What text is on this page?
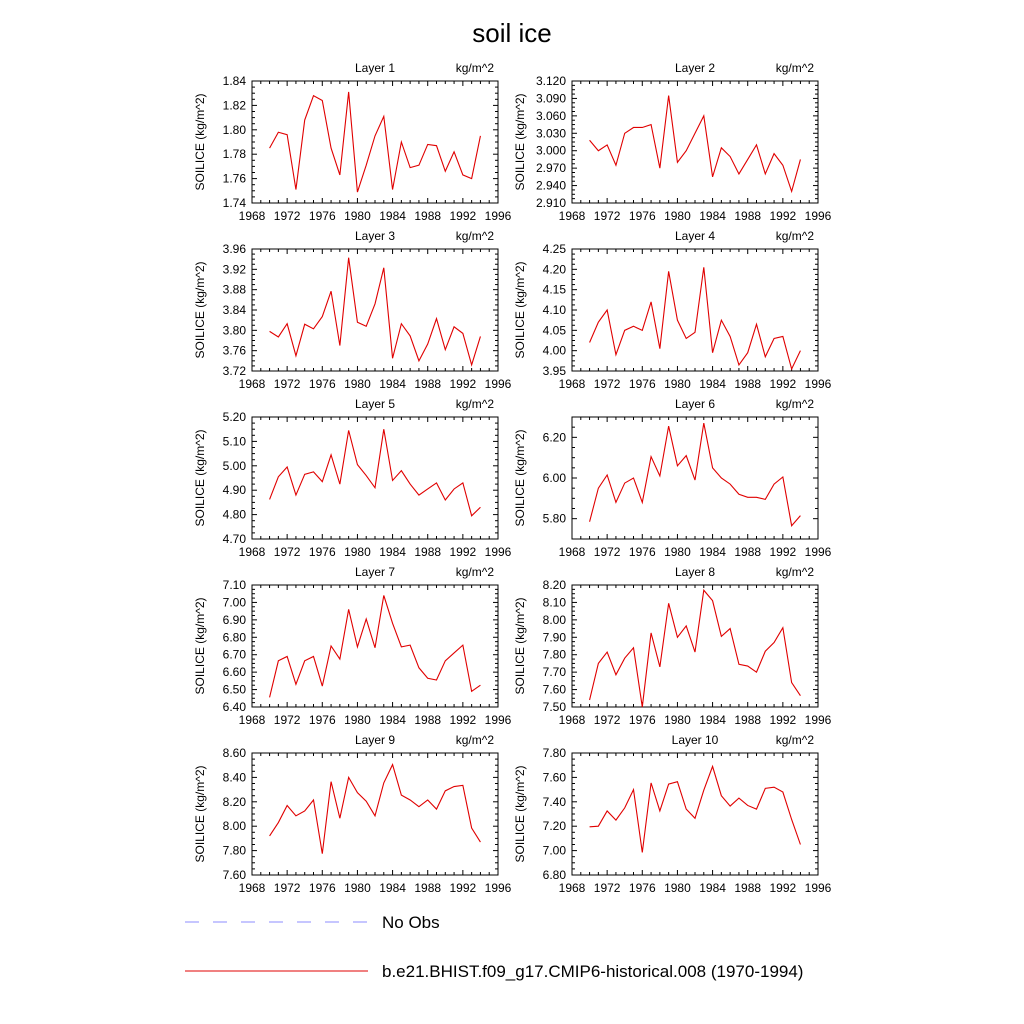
soil ice
Layer 1	kg/m^2
1968 1972 1976 1980 1984 1988 1992 1996
1.74
1.76
1.78
1.80
1.82
1.84
SOILICE (kg/m^2)
Layer 2	kg/m^2
1968 1972 1976 1980 1984 1988 1992 1996
2.910
2.940
2.970
3.000
3.030
3.060
3.090
3.120
SOILICE (kg/m^2)
Layer 3	kg/m^2
1968 1972 1976 1980 1984 1988 1992 1996
3.72
3.76
3.80
3.84
3.88
3.92
3.96
SOILICE (kg/m^2)
Layer 4	kg/m^2
1968 1972 1976 1980 1984 1988 1992 1996
3.95
4.00
4.05
4.10
4.15
4.20
4.25
SOILICE (kg/m^2)
Layer 5	kg/m^2
1968 1972 1976 1980 1984 1988 1992 1996
4.70
4.80
4.90
5.00
5.10
5.20
SOILICE (kg/m^2)
Layer 6	kg/m^2
1968 1972 1976 1980 1984 1988 1992 1996
5.80
6.00
6.20
SOILICE (kg/m^2)
Layer 7	kg/m^2
1968 1972 1976 1980 1984 1988 1992 1996
6.40
6.50
6.60
6.70
6.80
6.90
7.00
7.10
SOILICE (kg/m^2)
Layer 8	kg/m^2
1968 1972 1976 1980 1984 1988 1992 1996
7.50
7.60
7.70
7.80
7.90
8.00
8.10
8.20
SOILICE (kg/m^2)
Layer 9	kg/m^2
1968 1972 1976 1980 1984 1988 1992 1996
7.60
7.80
8.00
8.20
8.40
8.60
SOILICE (kg/m^2)
Layer 10	kg/m^2
1968 1972 1976 1980 1984 1988 1992 1996
6.80
7.00
7.20
7.40
7.60
7.80
SOILICE (kg/m^2)
No Obs
b.e21.BHIST.f09_g17.CMIP6-historical.008 (1970-1994)
